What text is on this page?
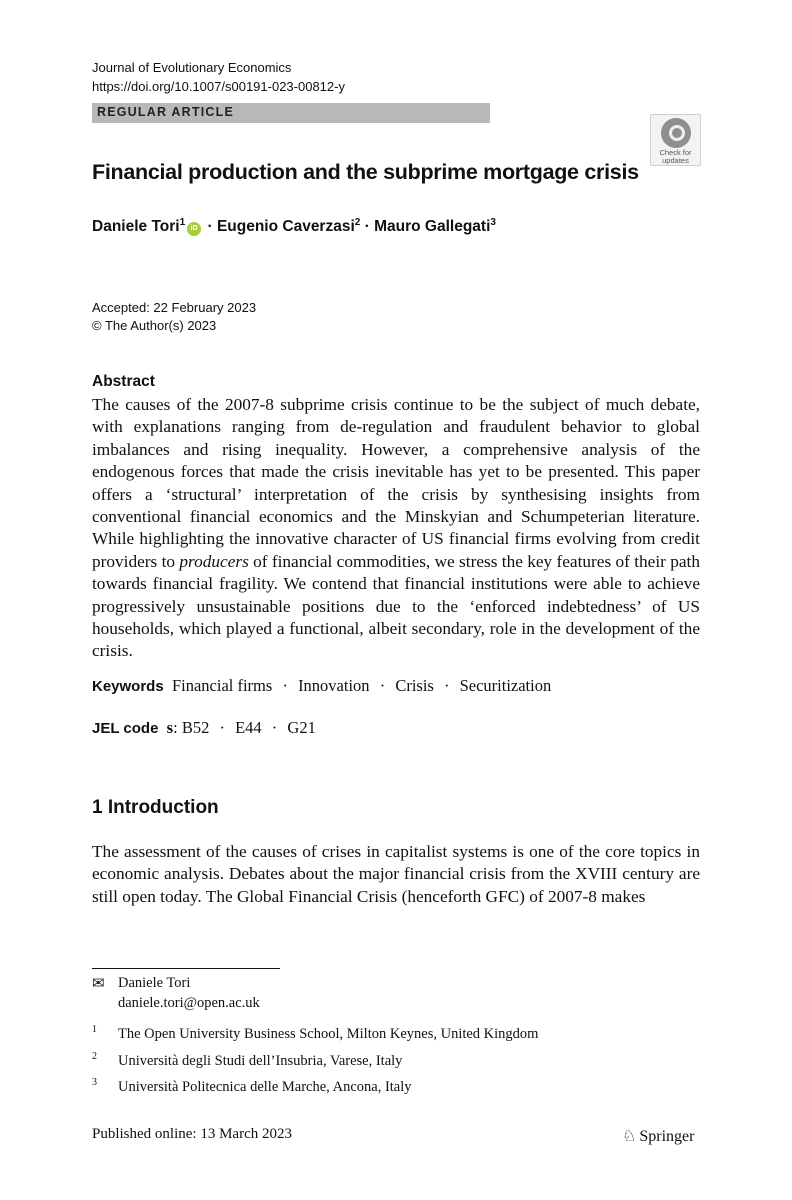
Journal of Evolutionary Economics
https://doi.org/10.1007/s00191-023-00812-y
REGULAR ARTICLE
Check for updates
Financial production and the subprime mortgage crisis
Daniele Tori$^1$iD · Eugenio Caverzasi$^2$ · Mauro Gallegati$^3$
Accepted: 22 February 2023
© The Author(s) 2023
Abstract

The causes of the 2007-8 subprime crisis continue to be the subject of much debate, with explanations ranging from de-regulation and fraudulent behavior to global imbalances and rising inequality. However, a comprehensive analysis of the endogenous forces that made the crisis inevitable has yet to be presented. This paper offers a ‘structural’ interpretation of the crisis by synthesising insights from conventional financial economics and the Minskyian and Schumpeterian literature. While highlighting the innovative character of US financial firms evolving from credit providers to producers of financial commodities, we stress the key features of their path towards financial fragility. We contend that financial institutions were able to achieve progressively unsustainable positions due to the ‘enforced indebtedness’ of US households, which played a functional, albeit secondary, role in the development of the crisis.

Keywords Financial firms · Innovation · Crisis · Securitization
JEL code s: B52 · E44 · G21
1 Introduction

The assessment of the causes of crises in capitalist systems is one of the core topics in economic analysis. Debates about the major financial crisis from the XVIII century are still open today. The Global Financial Crisis (henceforth GFC) of 2007-8 makes

✉ Daniele Tori
daniele.tori@open.ac.uk
1 The Open University Business School, Milton Keynes, United Kingdom
2 Università degli Studi dell’Insubria, Varese, Italy
3 Università Politecnica delle Marche, Ancona, Italy
Published online: 13 March 2023	♘ Springer
